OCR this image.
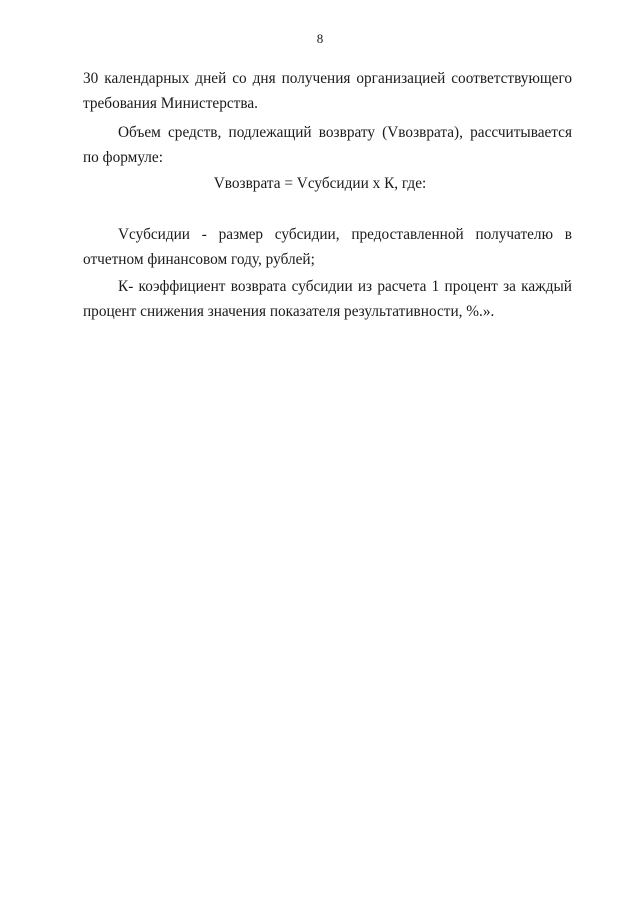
8

30 календарных дней со дня получения организацией соответствующего требования Министерства.

Объем средств, подлежащий возврату (Vвозврата), рассчитывается по формуле:

Vвозврата = Vсубсидии x К, где:

Vсубсидии - размер субсидии, предоставленной получателю в отчетном финансовом году, рублей;

К- коэффициент возврата субсидии из расчета 1 процент за каждый процент снижения значения показателя результативности, %.».
